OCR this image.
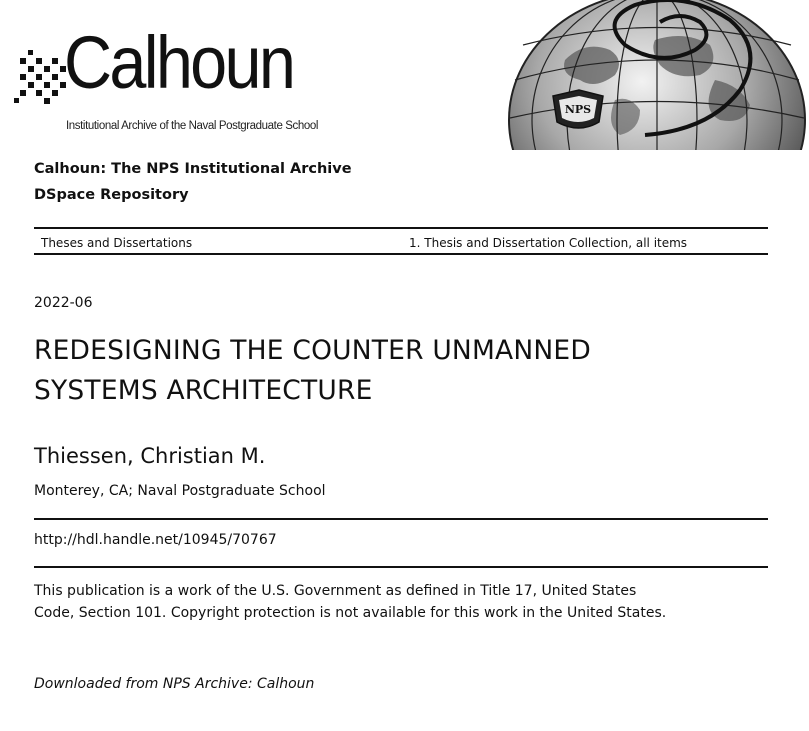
Calhoun
Institutional Archive of the Naval Postgraduate School
NPS
Calhoun: The NPS Institutional Archive
DSpace Repository
Theses and Dissertations	1. Thesis and Dissertation Collection, all items
2022-06
REDESIGNING THE COUNTER UNMANNED SYSTEMS ARCHITECTURE
Thiessen, Christian M.
Monterey, CA; Naval Postgraduate School
http://hdl.handle.net/10945/70767
This publication is a work of the U.S. Government as defined in Title 17, United States Code, Section 101. Copyright protection is not available for this work in the United States.
Downloaded from NPS Archive: Calhoun
